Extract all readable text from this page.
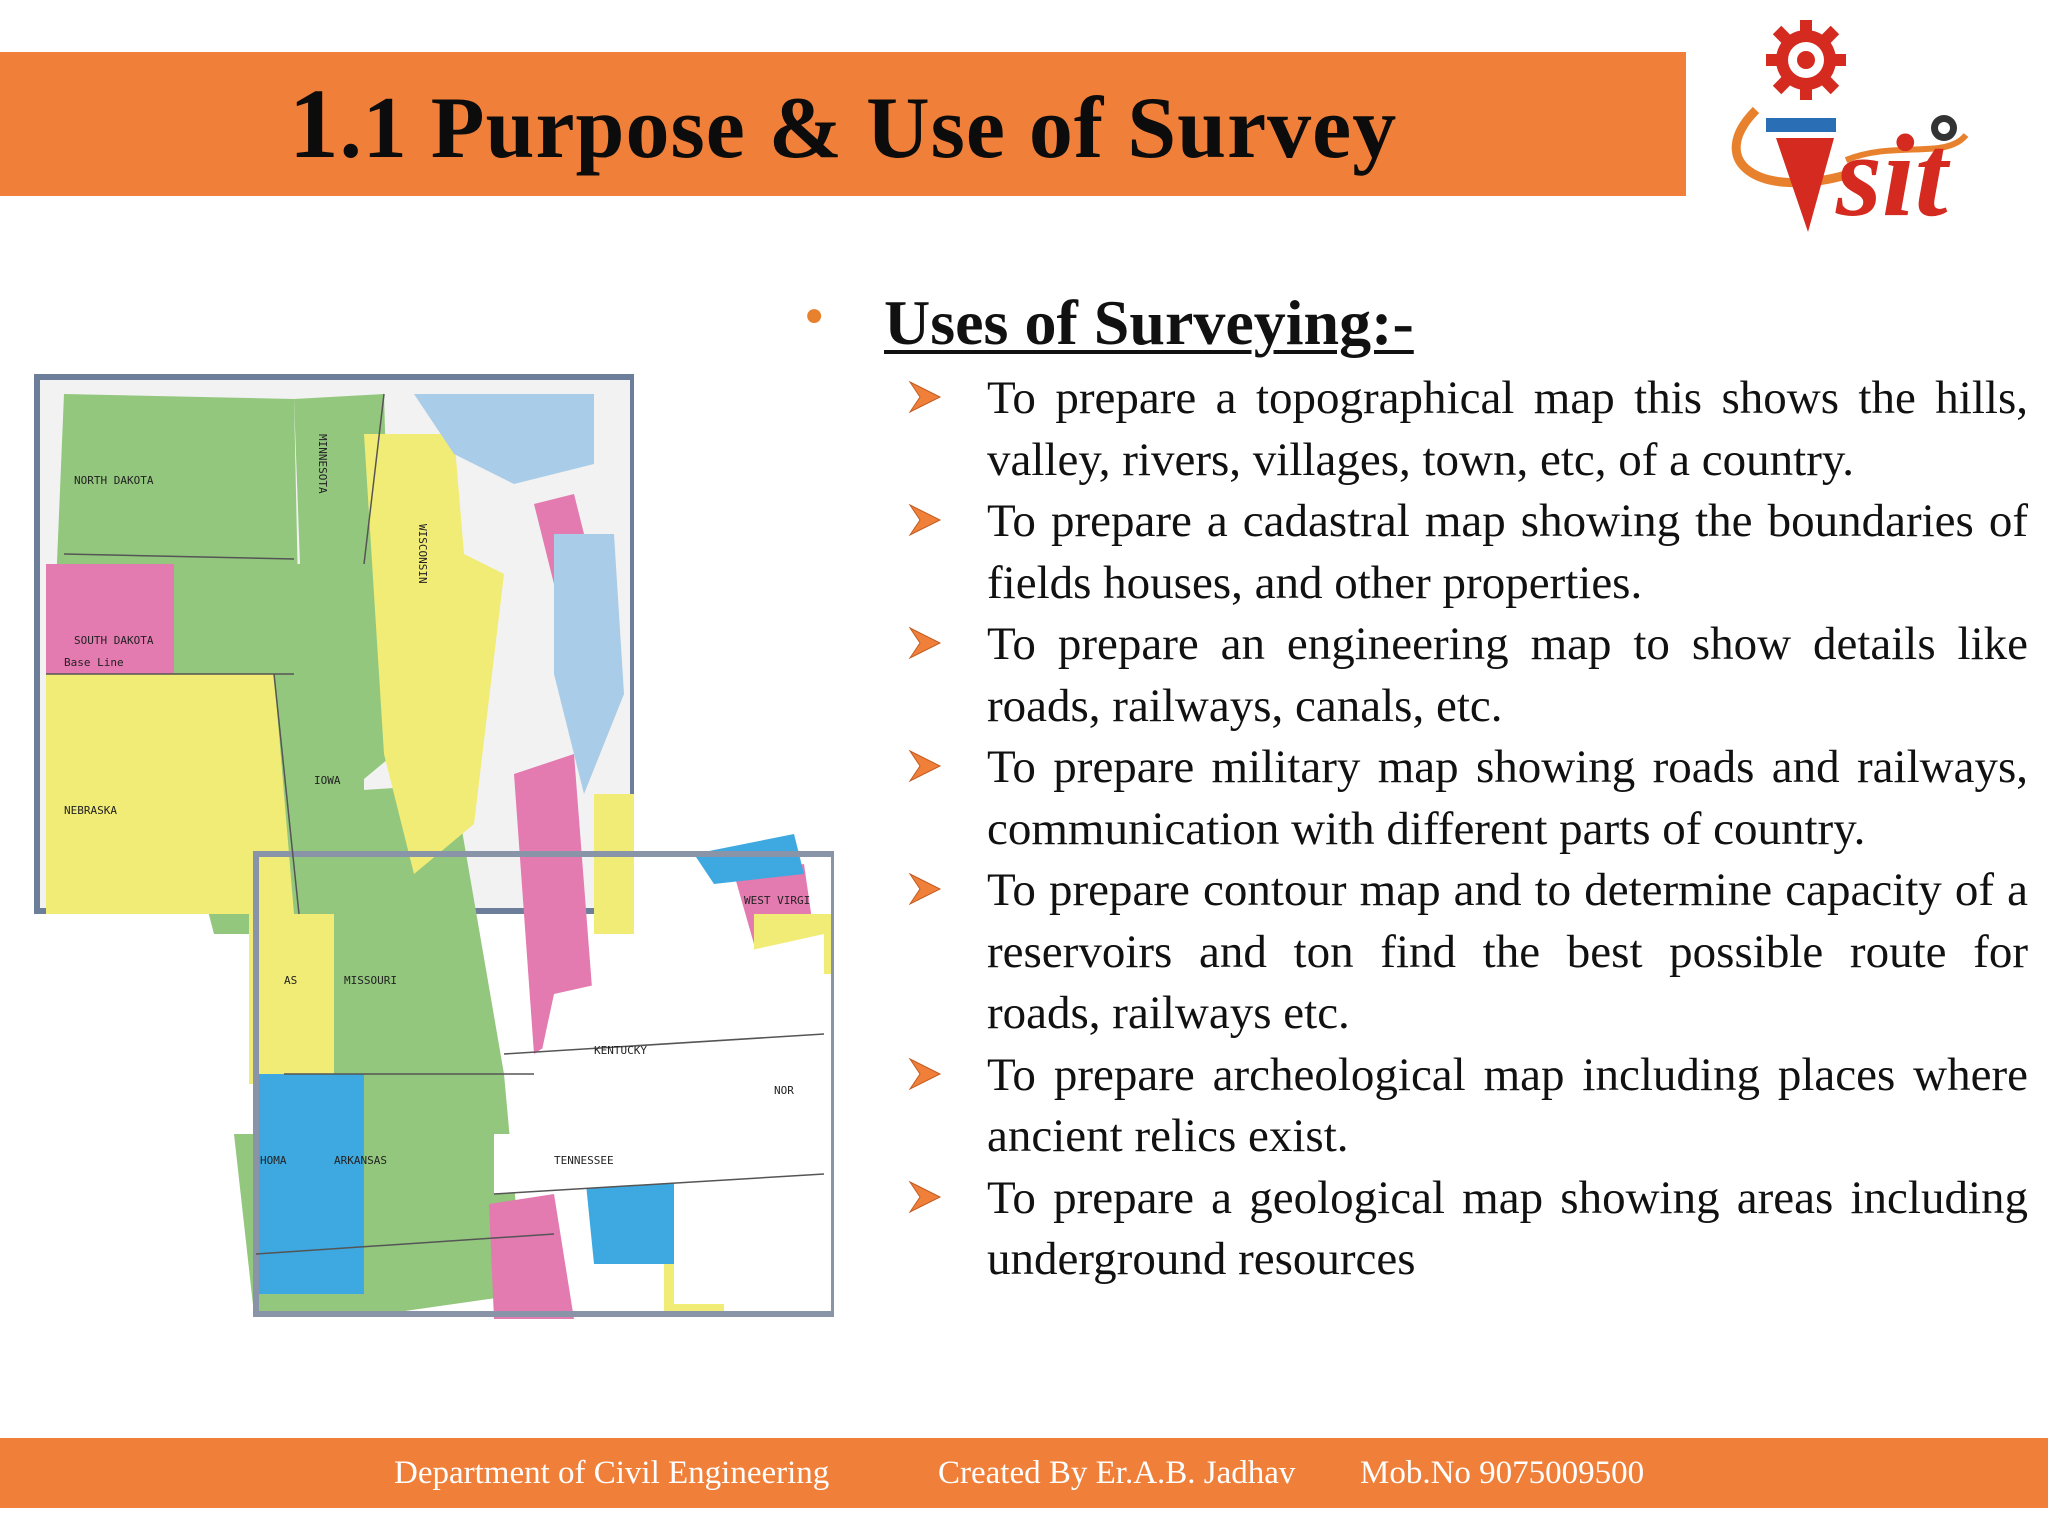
1.1 Purpose & Use of Survey	sit
NORTH DAKOTA
SOUTH DAKOTA
NEBRASKA
IOWA
MISSOURI
KENTUCKY
TENNESSEE
ARKANSAS
WISCONSIN
MINNESOTA
WEST VIRGI
NOR
HOMA
AS
Base Line
• Uses of Surveying:-
To prepare a topographical map this shows the hills, valley, rivers, villages, town, etc, of a country.
To prepare a cadastral map showing the boundaries of fields houses, and other properties.
To prepare an engineering map to show details like roads, railways, canals, etc.
To prepare military map showing roads and railways, communication with different parts of country.
To prepare contour map and to determine capacity of a reservoirs and ton find the best possible route for roads, railways etc.
To prepare archeological map including places where ancient relics exist.
To prepare a geological map showing areas including underground resources
Department of Civil Engineering	Created By Er.A.B. Jadhav Mob.No 9075009500
